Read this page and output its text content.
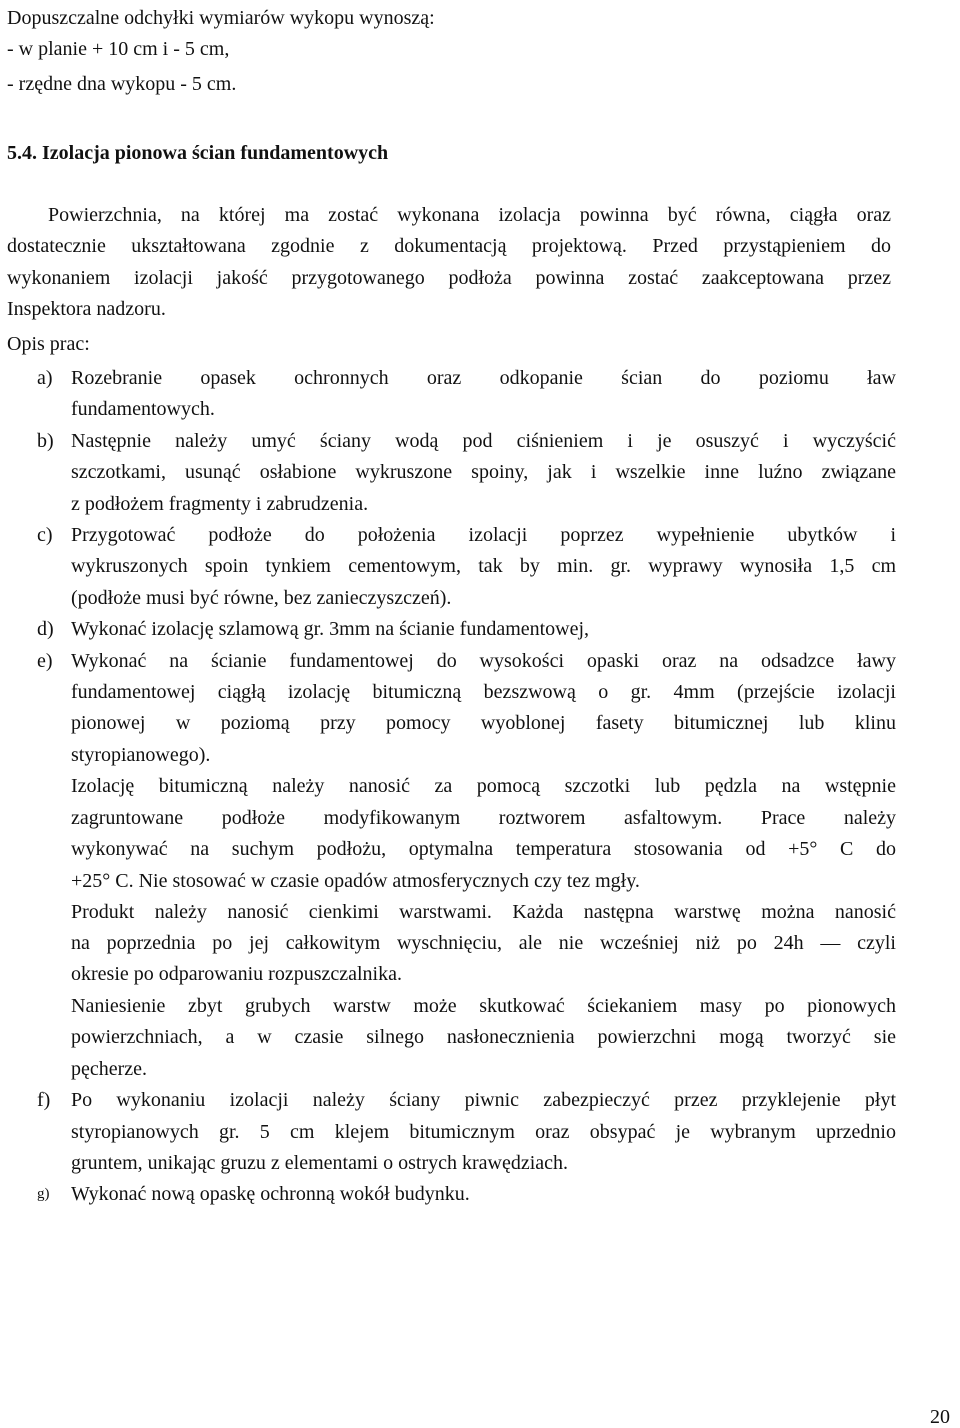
Dopuszczalne odchyłki wymiarów wykopu wynoszą:
- w planie + 10 cm i - 5 cm,
- rzędne dna wykopu - 5 cm.
5.4. Izolacja pionowa ścian fundamentowych
Powierzchnia, na której ma zostać wykonana izolacja powinna być równa, ciągła oraz
dostatecznie ukształtowana zgodnie z dokumentacją projektową. Przed przystąpieniem do
wykonaniem izolacji jakość przygotowanego podłoża powinna zostać zaakceptowana przez
Inspektora nadzoru.
Opis prac:
a) Rozebranie opasek ochronnych oraz odkopanie ścian do poziomu ław
fundamentowych.
b) Następnie należy umyć ściany wodą pod ciśnieniem i je osuszyć i wyczyścić
szczotkami, usunąć osłabione wykruszone spoiny, jak i wszelkie inne luźno związane
z podłożem fragmenty i zabrudzenia.
c) Przygotować podłoże do położenia izolacji poprzez wypełnienie ubytków i
wykruszonych spoin tynkiem cementowym, tak by min. gr. wyprawy wynosiła 1,5 cm
(podłoże musi być równe, bez zanieczyszczeń).
d) Wykonać izolację szlamową gr. 3mm na ścianie fundamentowej,
e) Wykonać na ścianie fundamentowej do wysokości opaski oraz na odsadzce ławy
fundamentowej ciągłą izolację bitumiczną bezszwową o gr. 4mm (przejście izolacji
pionowej w poziomą przy pomocy wyoblonej fasety bitumicznej lub klinu
styropianowego).
Izolację bitumiczną należy nanosić za pomocą szczotki lub pędzla na wstępnie
zagruntowane podłoże modyfikowanym roztworem asfaltowym. Prace należy
wykonywać na suchym podłożu, optymalna temperatura stosowania od +5° C do
+25° C. Nie stosować w czasie opadów atmosferycznych czy tez mgły.
Produkt należy nanosić cienkimi warstwami. Każda następna warstwę można nanosić
na poprzednia po jej całkowitym wyschnięciu, ale nie wcześniej niż po 24h — czyli
okresie po odparowaniu rozpuszczalnika.
Naniesienie zbyt grubych warstw może skutkować ściekaniem masy po pionowych
powierzchniach, a w czasie silnego nasłonecznienia powierzchni mogą tworzyć sie
pęcherze.
f) Po wykonaniu izolacji należy ściany piwnic zabezpieczyć przez przyklejenie płyt
styropianowych gr. 5 cm klejem bitumicznym oraz obsypać je wybranym uprzednio
gruntem, unikając gruzu z elementami o ostrych krawędziach.
g) Wykonać nową opaskę ochronną wokół budynku.
20
